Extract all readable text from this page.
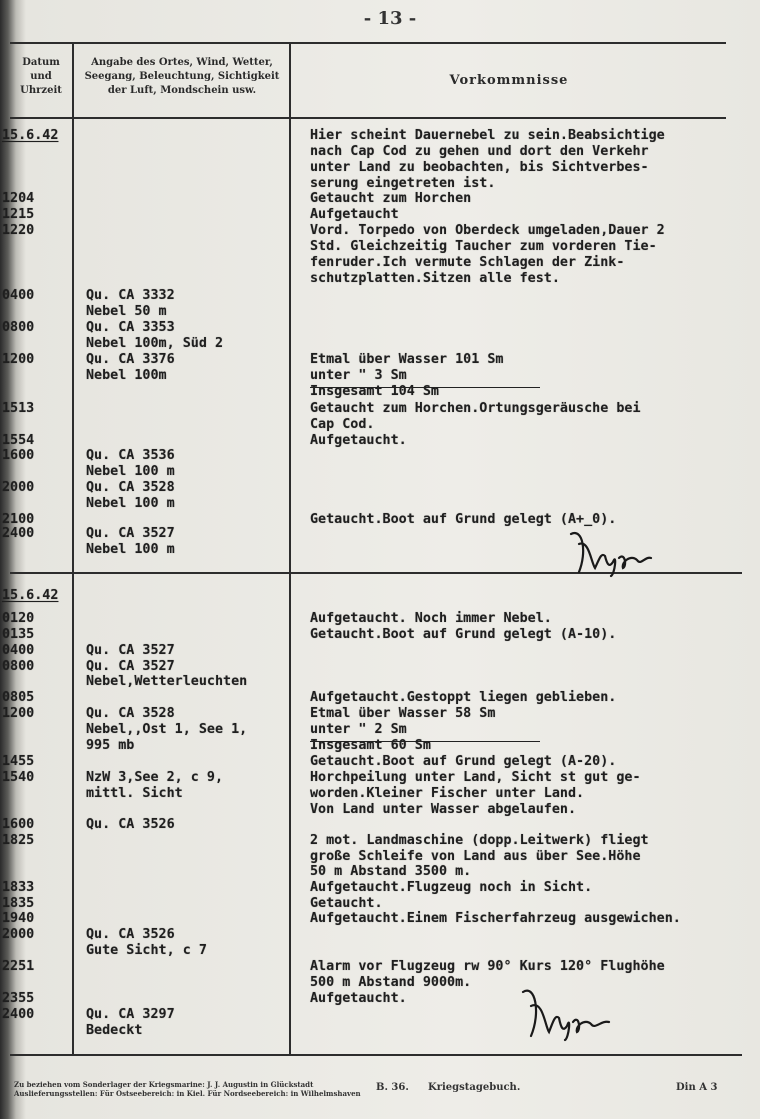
- 13 -
Datum
und
Uhrzeit
Angabe des Ortes, Wind, Wetter,
Seegang, Beleuchtung, Sichtigkeit
der Luft, Mondschein usw.
Vorkommnisse
15.6.42
1204
1215
1220
0400
0800
1200
1513
1554
1600
2000
2100
2400
15.6.42
0120
0135
0400
0800
0805
1200
1455
1540
1600
1825
1833
1835
1940
2000
2251
2355
2400
Qu. CA 3332
Nebel 50 m
Qu. CA 3353
Nebel 100m, Süd 2
Qu. CA 3376
Nebel 100m
Qu. CA 3536
Nebel 100 m
Qu. CA 3528
Nebel 100 m
Qu. CA 3527
Nebel 100 m
Qu. CA 3527
Qu. CA 3527
Nebel,Wetterleuchten
Qu. CA 3528
Nebel,,Ost 1, See 1,
995 mb
NzW 3,See 2, c 9,
mittl. Sicht
Qu. CA 3526
Qu. CA 3526
Gute Sicht, c 7
Qu. CA 3297
Bedeckt
Hier scheint Dauernebel zu sein.Beabsichtige
nach Cap Cod zu gehen und dort den Verkehr
unter Land zu beobachten, bis Sichtverbes-
serung eingetreten ist.
Getaucht zum Horchen
Aufgetaucht
Vord. Torpedo von Oberdeck umgeladen,Dauer 2
Std. Gleichzeitig Taucher zum vorderen Tie-
fenruder.Ich vermute Schlagen der Zink-
schutzplatten.Sitzen alle fest.
Etmal über Wasser 101 Sm
unter " 3 Sm
Insgesamt 104 Sm
Getaucht zum Horchen.Ortungsgeräusche bei
Cap Cod.
Aufgetaucht.
Getaucht.Boot auf Grund gelegt (A+_0).
Aufgetaucht. Noch immer Nebel.
Getaucht.Boot auf Grund gelegt (A-10).
Aufgetaucht.Gestoppt liegen geblieben.
Etmal über Wasser 58 Sm
unter " 2 Sm
Insgesamt 60 Sm
Getaucht.Boot auf Grund gelegt (A-20).
Horchpeilung unter Land, Sicht st gut ge-
worden.Kleiner Fischer unter Land.
Von Land unter Wasser abgelaufen.
2 mot. Landmaschine (dopp.Leitwerk) fliegt
große Schleife von Land aus über See.Höhe
50 m Abstand 3500 m.
Aufgetaucht.Flugzeug noch in Sicht.
Getaucht.
Aufgetaucht.Einem Fischerfahrzeug ausgewichen.
Alarm vor Flugzeug rw 90° Kurs 120° Flughöhe
500 m Abstand 9000m.
Aufgetaucht.
Zu beziehen vom Sonderlager der Kriegsmarine: J. J. Augustin in Glückstadt
Auslieferungsstellen: Für Ostseebereich: in Kiel. Für Nordseebereich: in Wilhelmshaven
B. 36. Kriegstagebuch.	Din A 3
